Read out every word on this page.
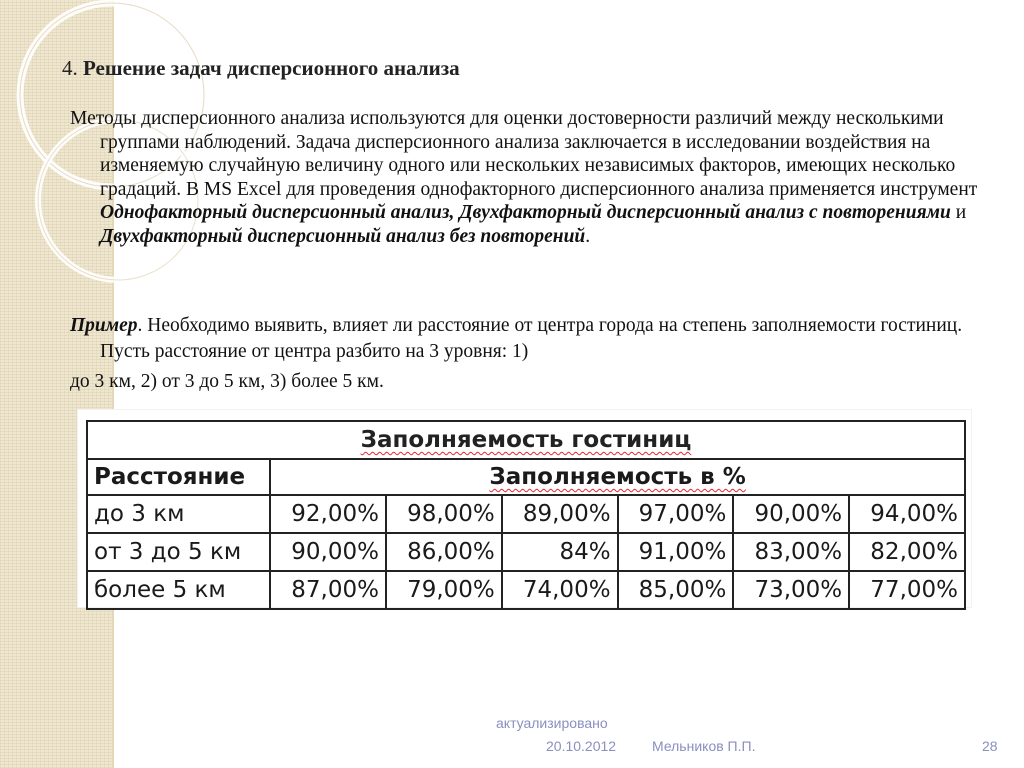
4. Решение задач дисперсионного анализа
Методы дисперсионного анализа используются для оценки достоверности различий между несколькими группами наблюдений. Задача дисперсионного анализа заключается в исследовании воздействия на изменяемую случайную величину одного или нескольких независимых факторов, имеющих несколько градаций. В MS Excel для проведения однофакторного дисперсионного анализа применяется инструмент Однофакторный дисперсионный анализ, Двухфакторный дисперсионный анализ с повторениями и Двухфакторный дисперсионный анализ без повторений.
Пример. Необходимо выявить, влияет ли расстояние от центра города на степень заполняемости гостиниц. Пусть расстояние от центра разбито на 3 уровня: 1)
до 3 км, 2) от 3 до 5 км, 3) более 5 км.
Заполняемость гостиниц						
Расстояние	Заполняемость в %					
до 3 км	92,00%	98,00%	89,00%	97,00%	90,00%	94,00%
от 3 до 5 км	90,00%	86,00%	84%	91,00%	83,00%	82,00%
более 5 км	87,00%	79,00%	74,00%	85,00%	73,00%	77,00%
актуализировано
20.10.2012	Мельников П.П.	28
